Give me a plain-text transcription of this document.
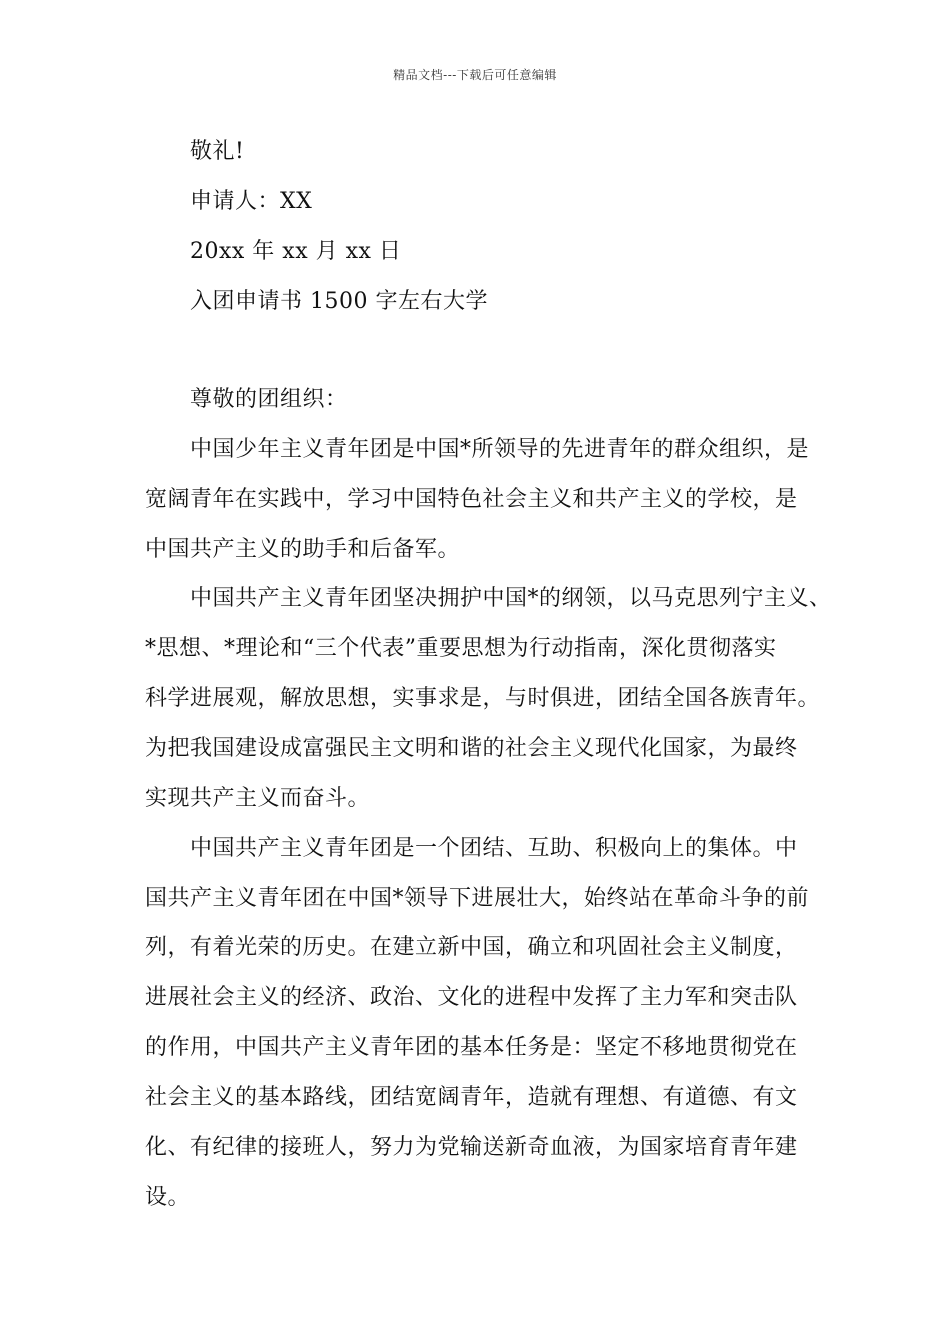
精品文档---下载后可任意编辑
敬礼!
申请人：XX
20xx 年 xx 月 xx 日
入团申请书 1500 字左右大学
尊敬的团组织：
中国少年主义青年团是中国*所领导的先进青年的群众组织，是
宽阔青年在实践中，学习中国特色社会主义和共产主义的学校，是
中国共产主义的助手和后备军。
中国共产主义青年团坚决拥护中国*的纲领，以马克思列宁主义、
*思想、*理论和“三个代表”重要思想为行动指南，深化贯彻落实
科学进展观，解放思想，实事求是，与时俱进，团结全国各族青年。
为把我国建设成富强民主文明和谐的社会主义现代化国家，为最终
实现共产主义而奋斗。
中国共产主义青年团是一个团结、互助、积极向上的集体。中
国共产主义青年团在中国*领导下进展壮大，始终站在革命斗争的前
列，有着光荣的历史。在建立新中国，确立和巩固社会主义制度，
进展社会主义的经济、政治、文化的进程中发挥了主力军和突击队
的作用，中国共产主义青年团的基本任务是：坚定不移地贯彻党在
社会主义的基本路线，团结宽阔青年，造就有理想、有道德、有文
化、有纪律的接班人，努力为党输送新奇血液，为国家培育青年建
设。
